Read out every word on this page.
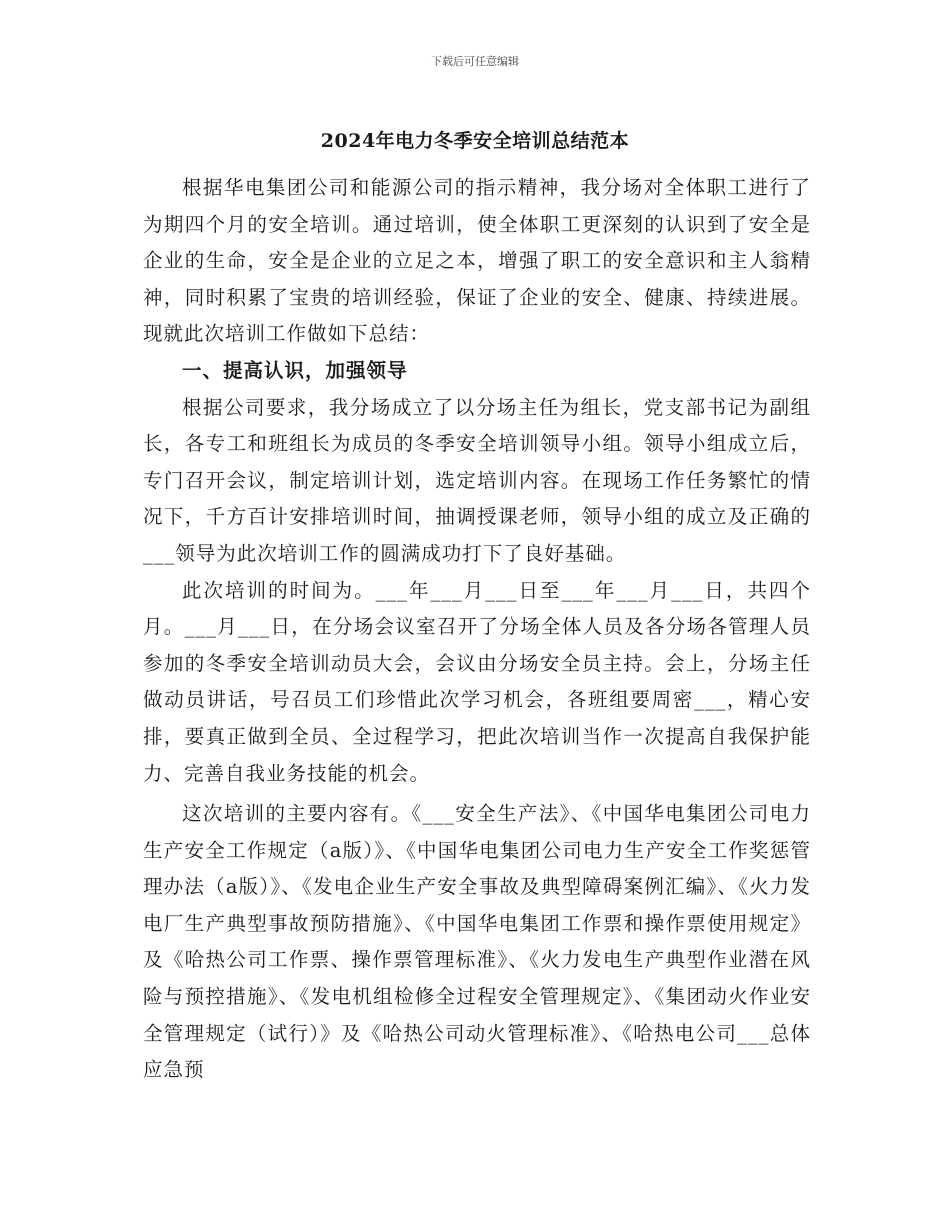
下载后可任意编辑
2024年电力冬季安全培训总结范本

根据华电集团公司和能源公司的指示精神，我分场对全体职工进行了为期四个月的安全培训。通过培训，使全体职工更深刻的认识到了安全是企业的生命，安全是企业的立足之本，增强了职工的安全意识和主人翁精神，同时积累了宝贵的培训经验，保证了企业的安全、健康、持续进展。现就此次培训工作做如下总结：

一、提高认识，加强领导

根据公司要求，我分场成立了以分场主任为组长，党支部书记为副组长，各专工和班组长为成员的冬季安全培训领导小组。领导小组成立后，专门召开会议，制定培训计划，选定培训内容。在现场工作任务繁忙的情况下，千方百计安排培训时间，抽调授课老师，领导小组的成立及正确的___领导为此次培训工作的圆满成功打下了良好基础。

此次培训的时间为。___年___月___日至___年___月___日，共四个月。___月___日，在分场会议室召开了分场全体人员及各分场各管理人员参加的冬季安全培训动员大会，会议由分场安全员主持。会上，分场主任做动员讲话，号召员工们珍惜此次学习机会，各班组要周密___，精心安排，要真正做到全员、全过程学习，把此次培训当作一次提高自我保护能力、完善自我业务技能的机会。

这次培训的主要内容有。《___安全生产法》、《中国华电集团公司电力生产安全工作规定（a版）》、《中国华电集团公司电力生产安全工作奖惩管理办法（a版）》、《发电企业生产安全事故及典型障碍案例汇编》、《火力发电厂生产典型事故预防措施》、《中国华电集团工作票和操作票使用规定》及《哈热公司工作票、操作票管理标准》、《火力发电生产典型作业潜在风险与预控措施》、《发电机组检修全过程安全管理规定》、《集团动火作业安全管理规定（试行）》及《哈热公司动火管理标准》、《哈热电公司___总体应急预
